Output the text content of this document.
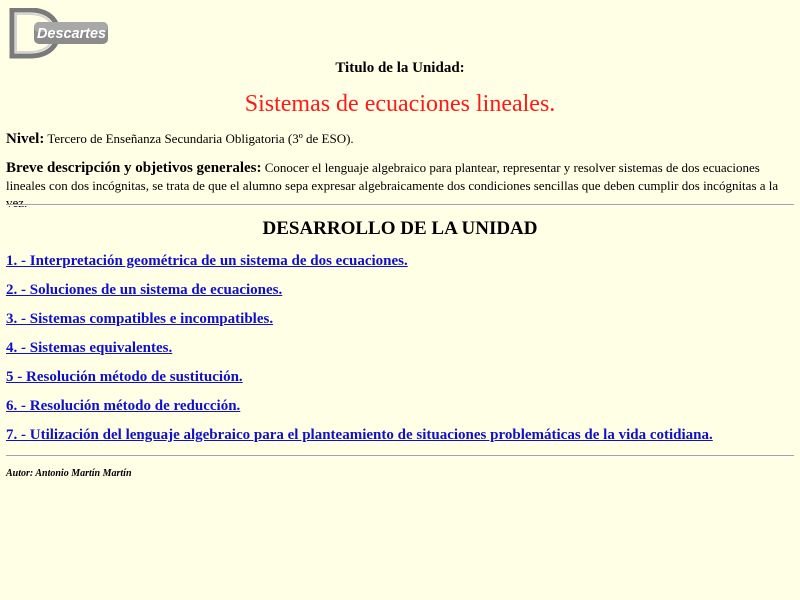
Descartes
Titulo de la Unidad:
Sistemas de ecuaciones lineales.
Nivel: Tercero de Enseñanza Secundaria Obligatoria (3º de ESO).
Breve descripción y objetivos generales: Conocer el lenguaje algebraico para plantear, representar y resolver sistemas de dos ecuaciones lineales con dos incógnitas, se trata de que el alumno sepa expresar algebraicamente dos condiciones sencillas que deben cumplir dos incógnitas a la vez.
DESARROLLO DE LA UNIDAD
1. - Interpretación geométrica de un sistema de dos ecuaciones.
2. - Soluciones de un sistema de ecuaciones.
3. - Sistemas compatibles e incompatibles.
4. - Sistemas equivalentes.
5 - Resolución método de sustitución.
6. - Resolución método de reducción.
7. - Utilización del lenguaje algebraico para el planteamiento de situaciones problemáticas de la vida cotidiana.
Autor: Antonio Martín Martín
